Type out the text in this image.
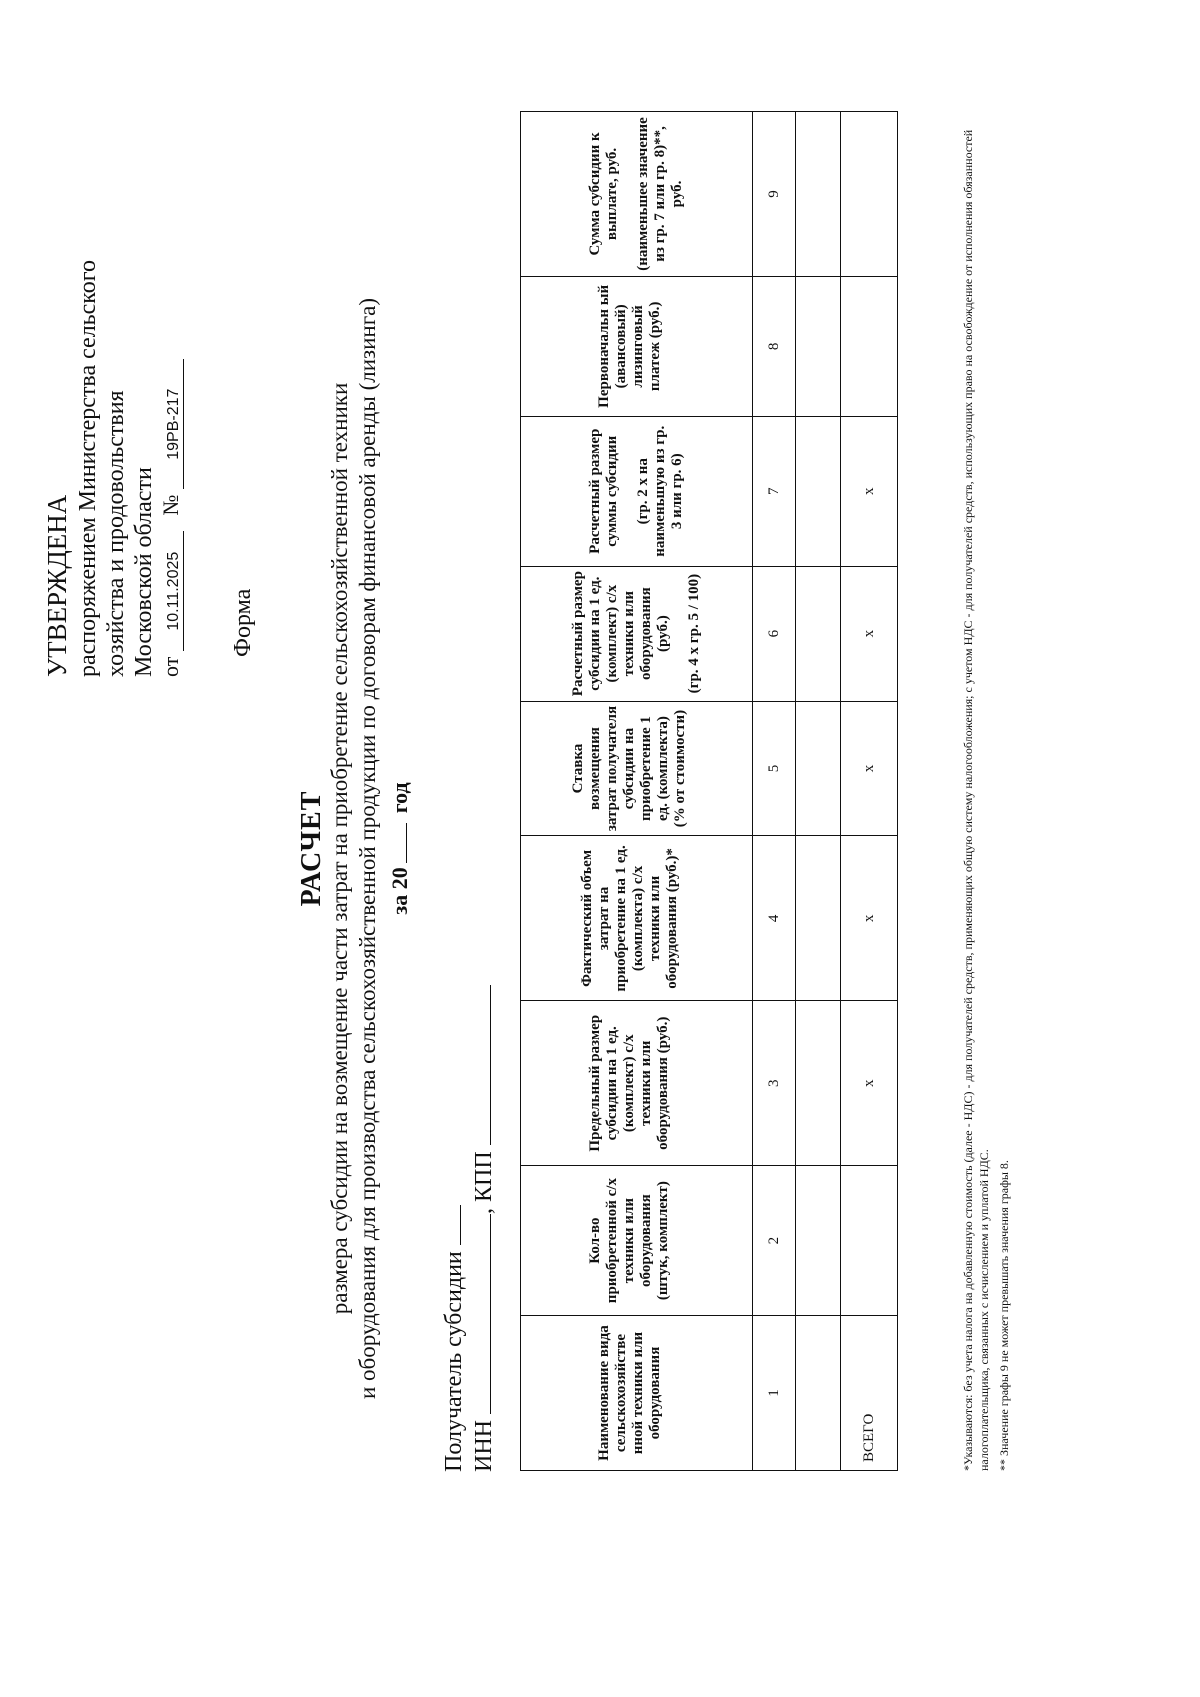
УТВЕРЖДЕНА распоряжением Министерства сельского хозяйства и продовольствия Московской области от 10.11.2025 № 19РВ-217
Форма
РАСЧЕТ размера субсидии на возмещение части затрат на приобретение сельскохозяйственной техники и оборудования для производства сельскохозяйственной продукции по договорам финансовой аренды (лизинга) за 20год
Получатель субсидии ИНН , КПП
Наименование вида сельскохозяйстве нной техники или оборудования	Кол-во приобретенной с/х техники или оборудования (штук, комплект)	Предельный размер субсидии на 1 ед. (комплект) с/х техники или оборудования (руб.)	Фактический объем затрат на приобретение на 1 ед. (комплекта) с/х техники или оборудования (руб.)*	Ставка возмещения затрат получателя субсидии на приобретение 1 ед. (комплекта) (% от стоимости)	Расчетный размер субсидии на 1 ед. (комплект) с/х техники или оборудования (руб.) (гр. 4 х гр. 5 / 100)	Расчетный размер суммы субсидии (гр. 2 х на наименьшую из гр. 3 или гр. 6)	Первоначальн ый (авансовый) лизинговый платеж (руб.)	Сумма субсидии к выплате, руб. (наименьшее значение из гр. 7 или гр. 8)**, руб.

1	2	3	4	5	6	7	8	9

ВСЕГО		х	х	х	х	х			*Указываются: без учета налога на добавленную стоимость (далее - НДС) - для получателей средств, применяющих общую систему налогообложения; с учетом НДС - для получателей средств, использующих право на освобождение от исполнения обязанностей налогоплательщика, связанных с исчислением и уплатой НДС. ** Значение графы 9 не может превышать значения графы 8.
